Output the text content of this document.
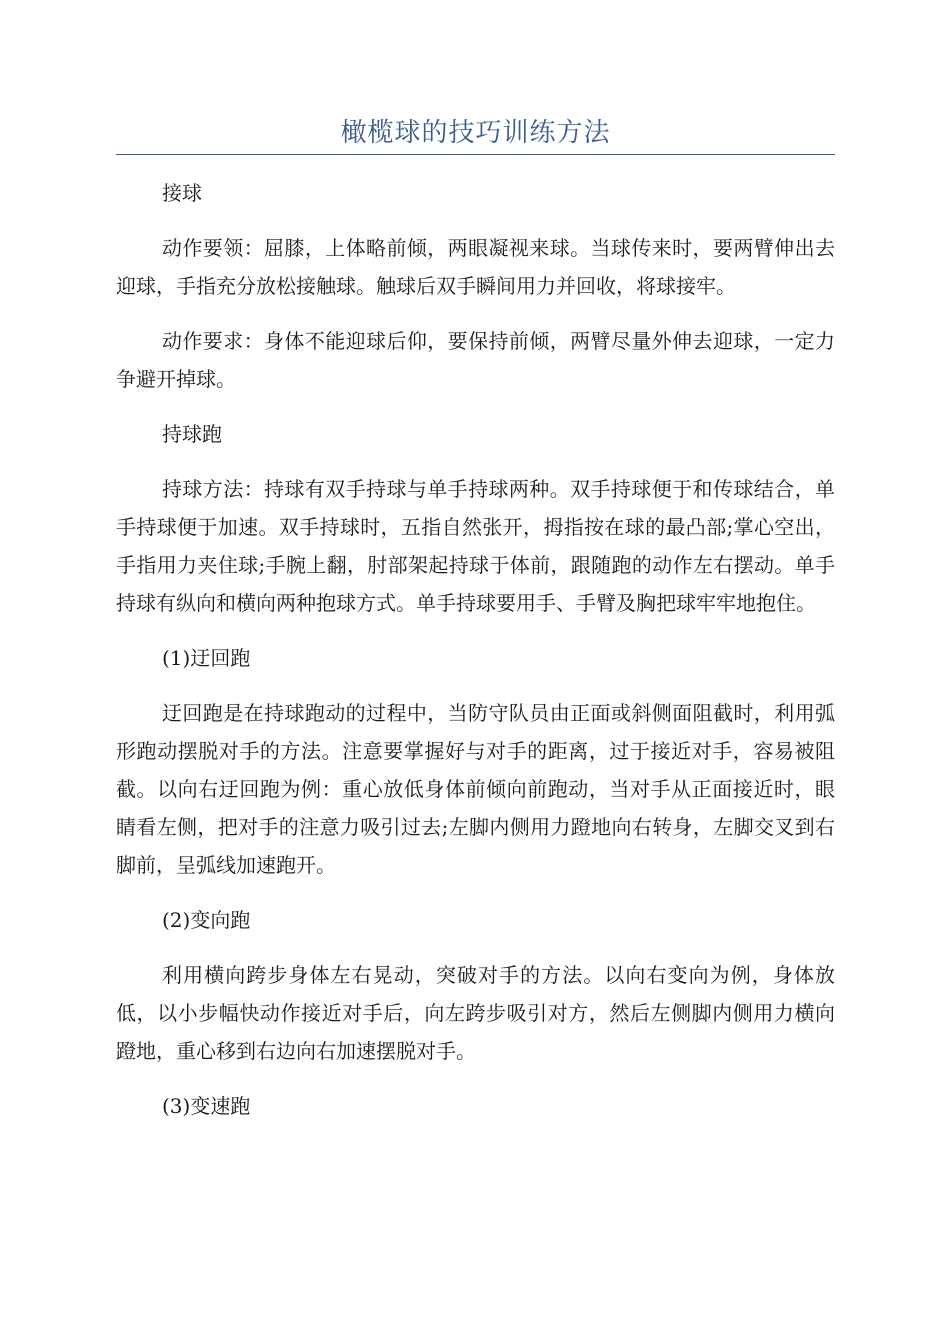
橄榄球的技巧训练方法

接球

动作要领：屈膝，上体略前倾，两眼凝视来球。当球传来时，要两臂伸出去迎球，手指充分放松接触球。触球后双手瞬间用力并回收，将球接牢。

动作要求：身体不能迎球后仰，要保持前倾，两臂尽量外伸去迎球，一定力争避开掉球。

持球跑

持球方法：持球有双手持球与单手持球两种。双手持球便于和传球结合，单手持球便于加速。双手持球时，五指自然张开，拇指按在球的最凸部;掌心空出，手指用力夹住球;手腕上翻，肘部架起持球于体前，跟随跑的动作左右摆动。单手持球有纵向和横向两种抱球方式。单手持球要用手、手臂及胸把球牢牢地抱住。

(1)迂回跑

迂回跑是在持球跑动的过程中，当防守队员由正面或斜侧面阻截时，利用弧形跑动摆脱对手的方法。注意要掌握好与对手的距离，过于接近对手，容易被阻截。以向右迂回跑为例：重心放低身体前倾向前跑动，当对手从正面接近时，眼睛看左侧，把对手的注意力吸引过去;左脚内侧用力蹬地向右转身，左脚交叉到右脚前，呈弧线加速跑开。

(2)变向跑

利用横向跨步身体左右晃动，突破对手的方法。以向右变向为例，身体放低，以小步幅快动作接近对手后，向左跨步吸引对方，然后左侧脚内侧用力横向蹬地，重心移到右边向右加速摆脱对手。

(3)变速跑
